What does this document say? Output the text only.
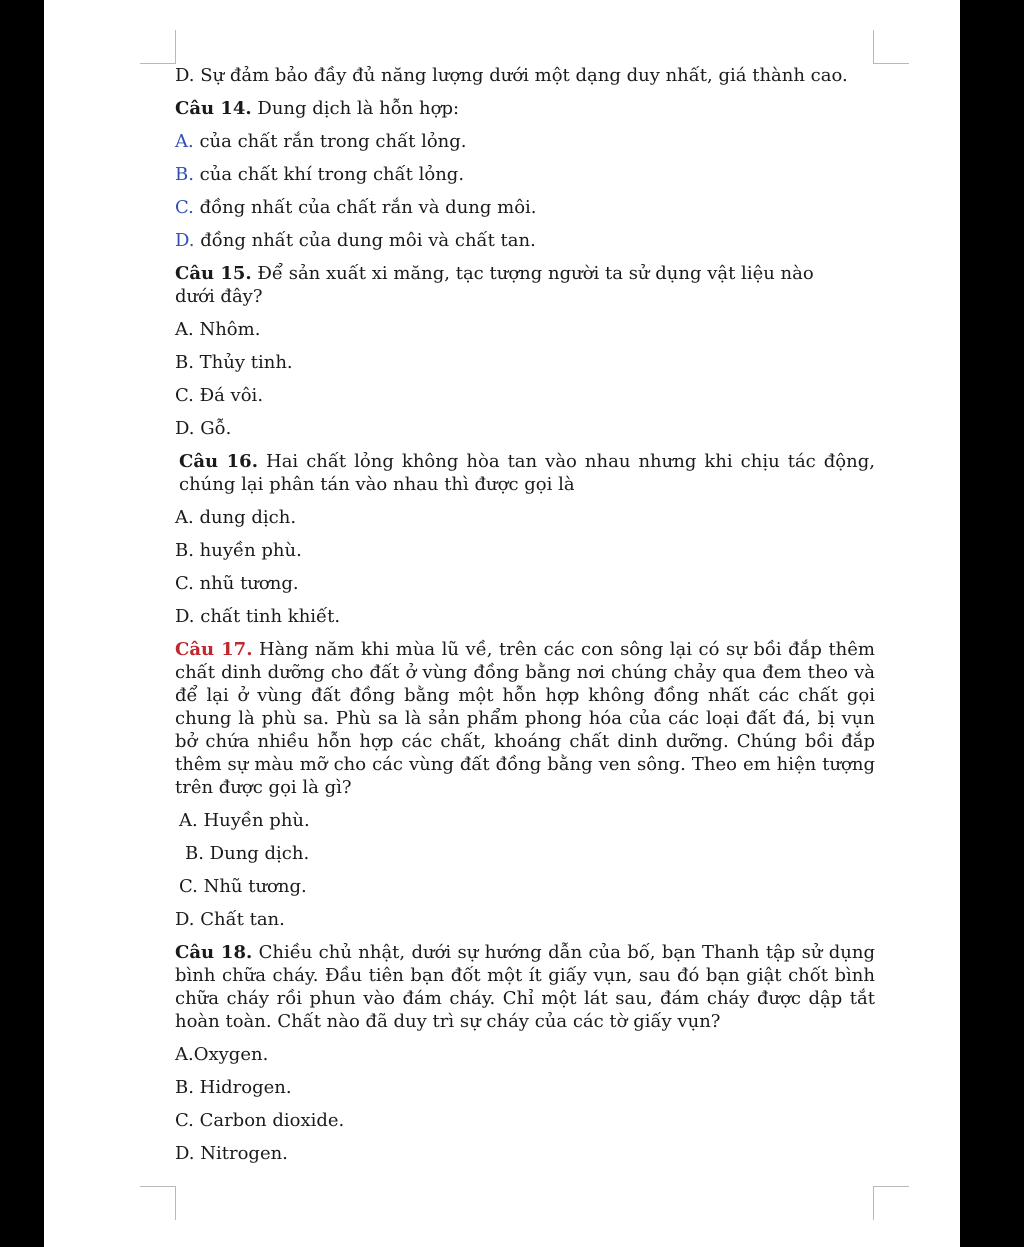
D. Sự đảm bảo đầy đủ năng lượng dưới một dạng duy nhất, giá thành cao.
Câu 14. Dung dịch là hỗn hợp:
A. của chất rắn trong chất lỏng.
B. của chất khí trong chất lỏng.
C. đồng nhất của chất rắn và dung môi.
D. đồng nhất của dung môi và chất tan.
Câu 15. Để sản xuất xi măng, tạc tượng người ta sử dụng vật liệu nào dưới đây?
A. Nhôm.
B. Thủy tinh.
C. Đá vôi.
D. Gỗ.
Câu 16. Hai chất lỏng không hòa tan vào nhau nhưng khi chịu tác động, chúng lại phân tán vào nhau thì được gọi là
A. dung dịch.
B. huyền phù.
C. nhũ tương.
D. chất tinh khiết.
Câu 17. Hàng năm khi mùa lũ về, trên các con sông lại có sự bồi đắp thêm chất dinh dưỡng cho đất ở vùng đồng bằng nơi chúng chảy qua đem theo và để lại ở vùng đất đồng bằng một hỗn hợp không đồng nhất các chất gọi chung là phù sa. Phù sa là sản phẩm phong hóa của các loại đất đá, bị vụn bở chứa nhiều hỗn hợp các chất, khoáng chất dinh dưỡng. Chúng bồi đắp thêm sự màu mỡ cho các vùng đất đồng bằng ven sông. Theo em hiện tượng trên được gọi là gì?
A. Huyền phù.
B. Dung dịch.
C. Nhũ tương.
D. Chất tan.
Câu 18. Chiều chủ nhật, dưới sự hướng dẫn của bố, bạn Thanh tập sử dụng bình chữa cháy. Đầu tiên bạn đốt một ít giấy vụn, sau đó bạn giật chốt bình chữa cháy rồi phun vào đám cháy. Chỉ một lát sau, đám cháy được dập tắt hoàn toàn. Chất nào đã duy trì sự cháy của các tờ giấy vụn?
A.Oxygen.
B. Hidrogen.
C. Carbon dioxide.
D. Nitrogen.
